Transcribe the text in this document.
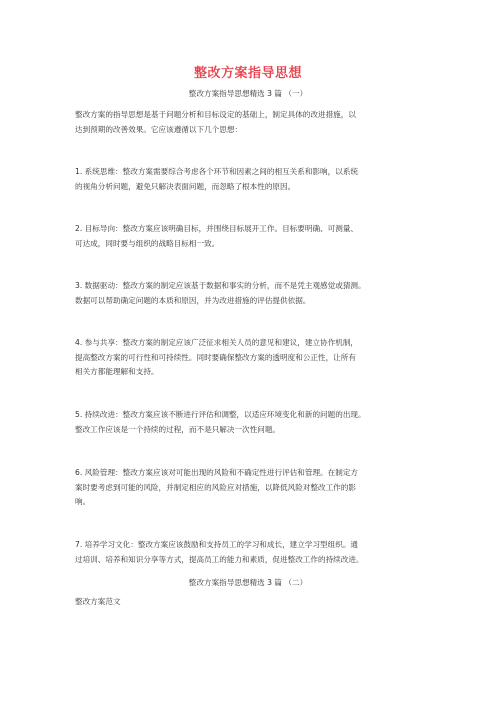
整改方案指导思想
整改方案指导思想精选 3 篇 （一）
整改方案的指导思想是基于问题分析和目标设定的基础上，制定具体的改进措施，以
达到预期的改善效果。它应该遵循以下几个思想：
1. 系统思维：整改方案需要综合考虑各个环节和因素之间的相互关系和影响，以系统
的视角分析问题，避免只解决表面问题，而忽略了根本性的原因。
2. 目标导向：整改方案应该明确目标，并围绕目标展开工作。目标要明确、可测量、
可达成，同时要与组织的战略目标相一致。
3. 数据驱动：整改方案的制定应该基于数据和事实的分析，而不是凭主观感觉或猜测。
数据可以帮助确定问题的本质和原因，并为改进措施的评估提供依据。
4. 参与共享：整改方案的制定应该广泛征求相关人员的意见和建议，建立协作机制，
提高整改方案的可行性和可持续性。同时要确保整改方案的透明度和公正性，让所有
相关方都能理解和支持。
5. 持续改进：整改方案应该不断进行评估和调整，以适应环境变化和新的问题的出现。
整改工作应该是一个持续的过程，而不是只解决一次性问题。
6. 风险管理：整改方案应该对可能出现的风险和不确定性进行评估和管理。在制定方
案时要考虑到可能的风险，并制定相应的风险应对措施，以降低风险对整改工作的影
响。
7. 培养学习文化：整改方案应该鼓励和支持员工的学习和成长，建立学习型组织。通
过培训、培养和知识分享等方式，提高员工的能力和素质，促进整改工作的持续改进。
整改方案指导思想精选 3 篇 （二）
整改方案范文
